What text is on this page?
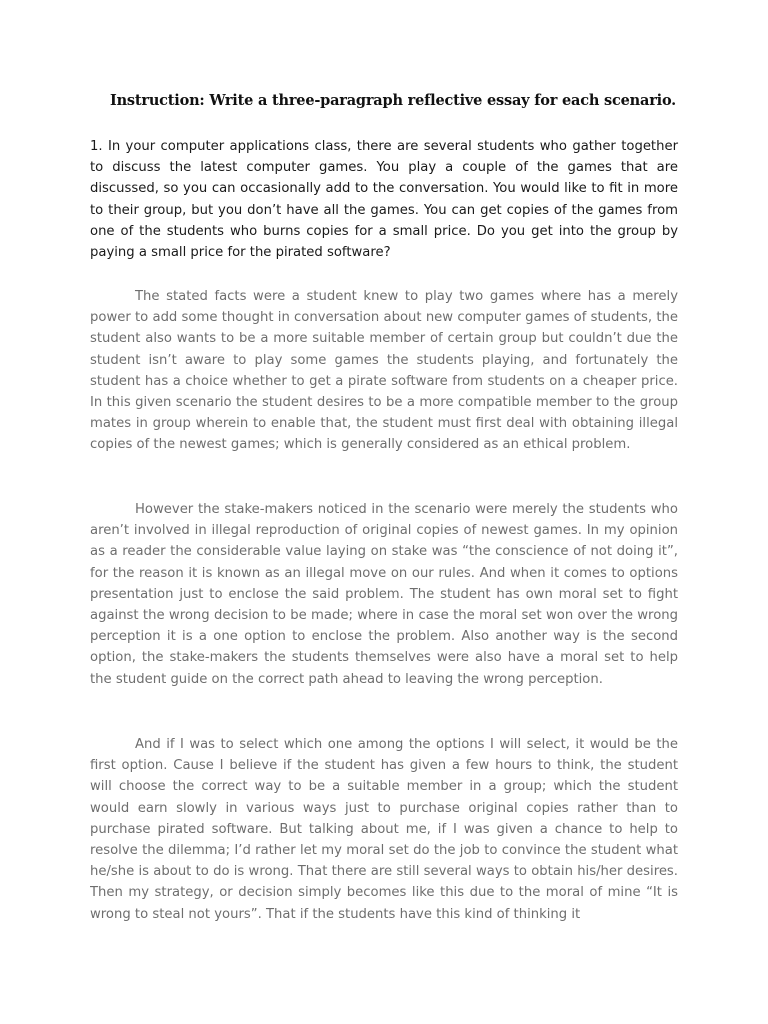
Instruction: Write a three-paragraph reflective essay for each scenario.

1. In your computer applications class, there are several students who gather together to discuss the latest computer games. You play a couple of the games that are discussed, so you can occasionally add to the conversation. You would like to fit in more to their group, but you don’t have all the games. You can get copies of the games from one of the students who burns copies for a small price. Do you get into the group by paying a small price for the pirated software?

The stated facts were a student knew to play two games where has a merely power to add some thought in conversation about new computer games of students, the student also wants to be a more suitable member of certain group but couldn’t due the student isn’t aware to play some games the students playing, and fortunately the student has a choice whether to get a pirate software from students on a cheaper price. In this given scenario the student desires to be a more compatible member to the group mates in group wherein to enable that, the student must first deal with obtaining illegal copies of the newest games; which is generally considered as an ethical problem.

However the stake-makers noticed in the scenario were merely the students who aren’t involved in illegal reproduction of original copies of newest games. In my opinion as a reader the considerable value laying on stake was “the conscience of not doing it”, for the reason it is known as an illegal move on our rules. And when it comes to options presentation just to enclose the said problem. The student has own moral set to fight against the wrong decision to be made; where in case the moral set won over the wrong perception it is a one option to enclose the problem. Also another way is the second option, the stake-makers the students themselves were also have a moral set to help the student guide on the correct path ahead to leaving the wrong perception.

And if I was to select which one among the options I will select, it would be the first option. Cause I believe if the student has given a few hours to think, the student will choose the correct way to be a suitable member in a group; which the student would earn slowly in various ways just to purchase original copies rather than to purchase pirated software. But talking about me, if I was given a chance to help to resolve the dilemma; I’d rather let my moral set do the job to convince the student what he/she is about to do is wrong. That there are still several ways to obtain his/her desires. Then my strategy, or decision simply becomes like this due to the moral of mine “It is wrong to steal not yours”. That if the students have this kind of thinking it
